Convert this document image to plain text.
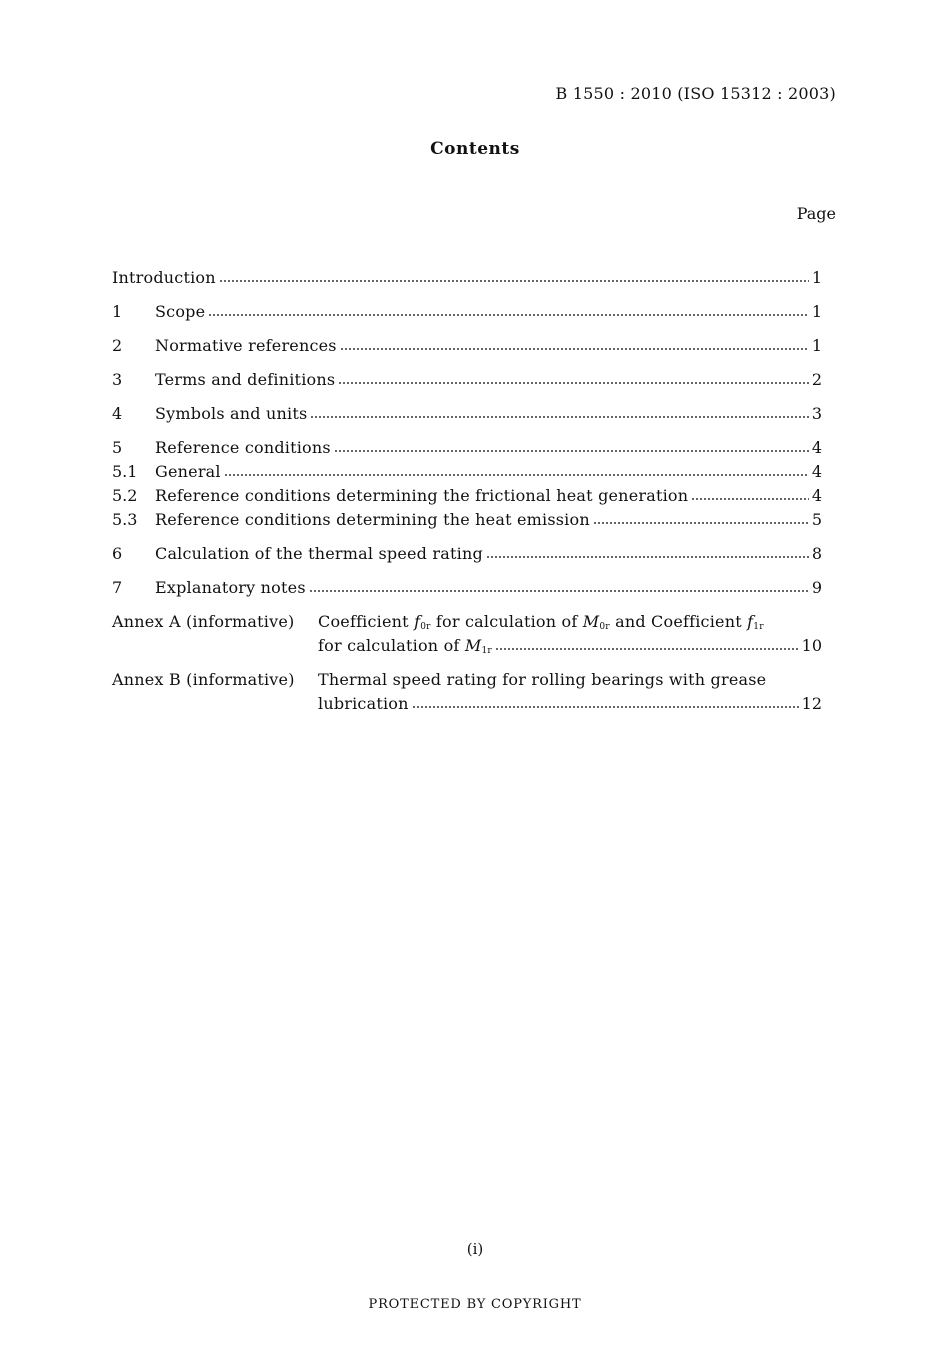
B 1550 : 2010 (ISO 15312 : 2003)
Contents
Page
Introduction	1
1	Scope	1
2	Normative references	1
3	Terms and definitions	2
4	Symbols and units	3
5	Reference conditions	4
5.1	General	4
5.2	Reference conditions determining the frictional heat generation	4
5.3	Reference conditions determining the heat emission	5
6	Calculation of the thermal speed rating	8
7	Explanatory notes	9
Annex A (informative)	Coefficient $f_{0r}$ for calculation of $M_{0r}$ and Coefficient $f_{1r}$
for calculation of $M_{1r}$	10
Annex B (informative)	Thermal speed rating for rolling bearings with grease
lubrication	12
(i)
PROTECTED BY COPYRIGHT
